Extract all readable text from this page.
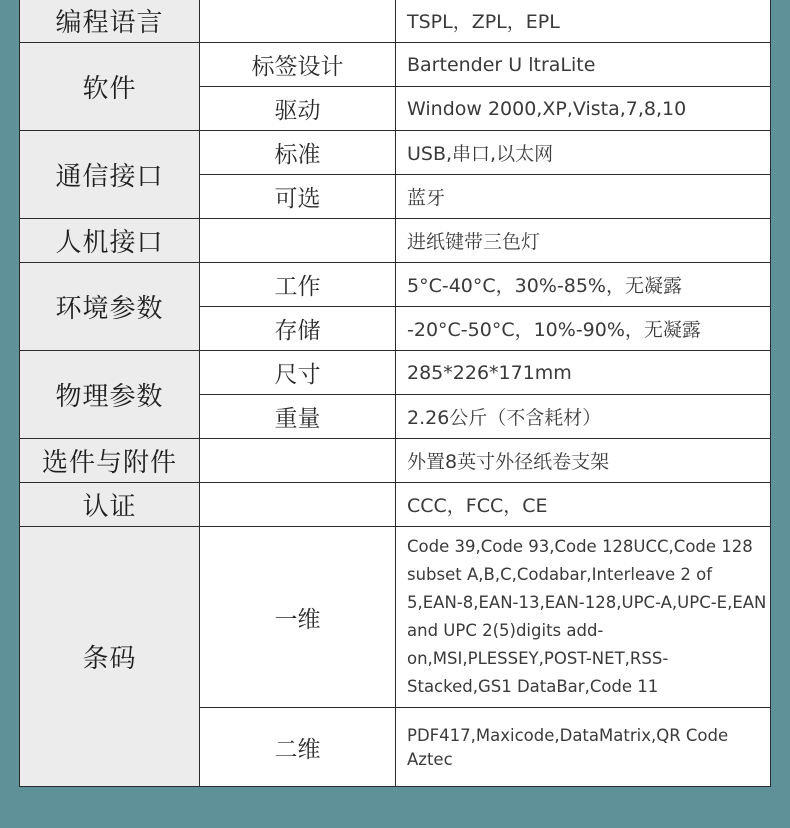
编程语言		TSPL，ZPL，EPL
软件	标签设计	Bartender U ltraLite
	驱动	Window 2000,XP,Vista,7,8,10
通信接口	标准	USB,串口,以太网
	可选	蓝牙
人机接口		进纸键带三色灯
环境参数	工作	5°C-40°C，30%-85%，无凝露
	存储	-20°C-50°C，10%-90%，无凝露
物理参数	尺寸	285*226*171mm
	重量	2.26公斤（不含耗材）
选件与附件		外置8英寸外径纸卷支架
认证		CCC，FCC，CE
条码	一维	Code 39,Code 93,Code 128UCC,Code 128 subset A,B,C,Codabar,Interleave 2 of 5,EAN-8,EAN-13,EAN-128,UPC-A,UPC-E,EAN and UPC 2(5)digits add-on,MSI,PLESSEY,POST-NET,RSS-Stacked,GS1 DataBar,Code 11
	二维	PDF417,Maxicode,DataMatrix,QR Code Aztec
